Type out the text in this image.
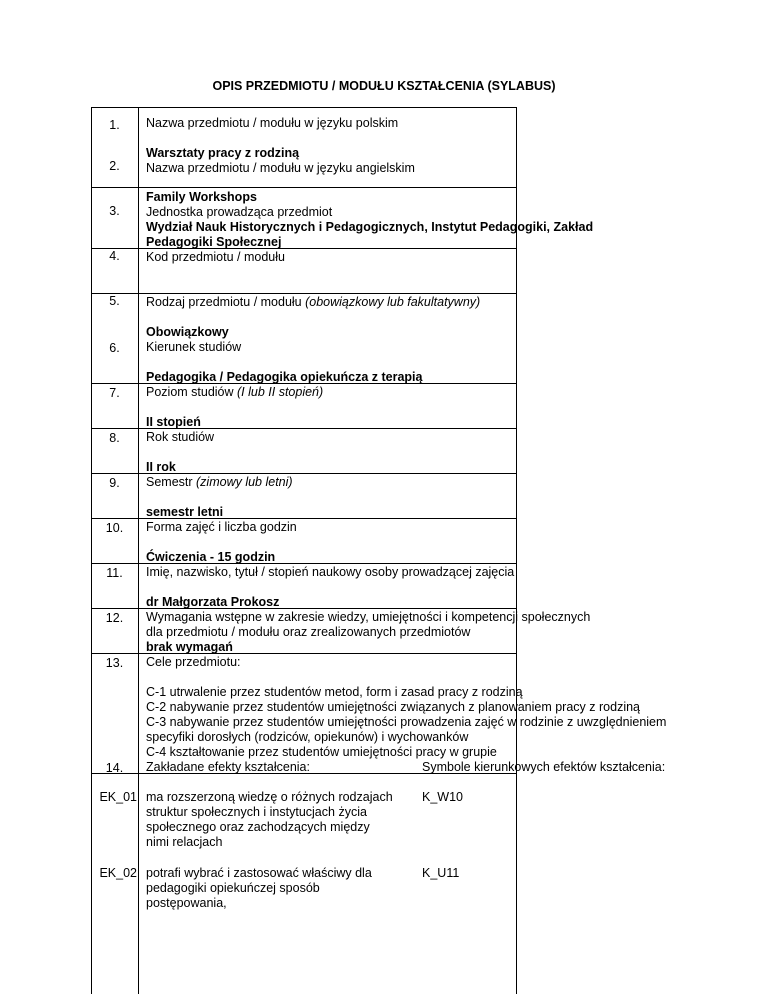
OPIS PRZEDMIOTU / MODUŁU KSZTAŁCENIA (SYLABUS)
1.
2.
3.
4.
5.
6.
7.
8.
9.
10.
11.
12.
13.
14.
EK_01
EK_02
Nazwa przedmiotu / modułu w języku polskim
Warsztaty pracy z rodziną
Nazwa przedmiotu / modułu w języku angielskim
Family Workshops
Jednostka prowadząca przedmiot
Wydział Nauk Historycznych i Pedagogicznych, Instytut Pedagogiki, Zakład Pedagogiki Społecznej
Kod przedmiotu / modułu
Rodzaj przedmiotu / modułu (obowiązkowy lub fakultatywny)
Obowiązkowy
Kierunek studiów
Pedagogika / Pedagogika opiekuńcza z terapią
Poziom studiów (I lub II stopień)
II stopień
Rok studiów
II rok
Semestr (zimowy lub letni)
semestr letni
Forma zajęć i liczba godzin
Ćwiczenia - 15 godzin
Imię, nazwisko, tytuł / stopień naukowy osoby prowadzącej zajęcia
dr Małgorzata Prokosz
Wymagania wstępne w zakresie wiedzy, umiejętności i kompetencji społecznych
dla przedmiotu / modułu oraz zrealizowanych przedmiotów
brak wymagań
Cele przedmiotu:
C-1 utrwalenie przez studentów metod, form i zasad pracy z rodziną
C-2 nabywanie przez studentów umiejętności związanych z planowaniem pracy z rodziną
C-3 nabywanie przez studentów umiejętności prowadzenia zajęć w rodzinie z uwzględnieniem
specyfiki dorosłych (rodziców, opiekunów) i wychowanków
C-4 kształtowanie przez studentów umiejętności pracy w grupie
Zakładane efekty kształcenia:	Symbole kierunkowych efektów kształcenia:
ma rozszerzoną wiedzę o różnych rodzajach struktur społecznych i instytucjach życia społecznego oraz zachodzących między nimi relacjach
K_W10
potrafi wybrać i zastosować właściwy dla pedagogiki opiekuńczej sposób postępowania,
K_U11
